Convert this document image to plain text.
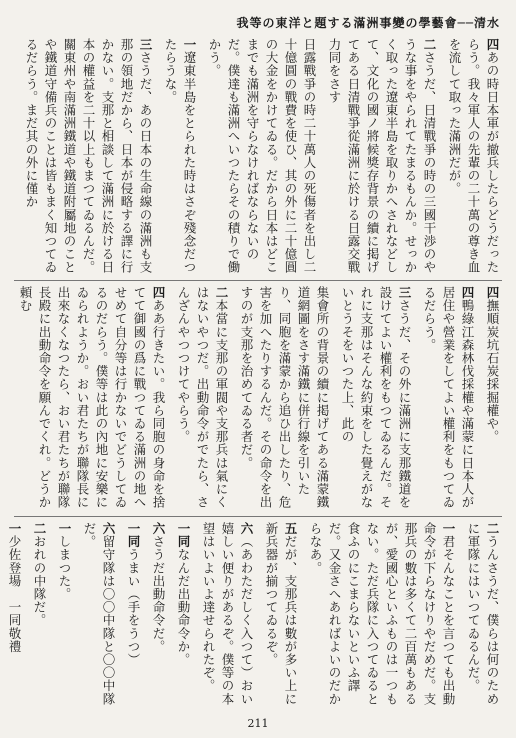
我等の東洋と題する滿洲事變の學藝會──清水
四あの時日本軍が撤兵したらどうだったらう。我々軍人の先輩の二十萬の尊き血を流して取った滿洲だが。
二さうだ、日清戰爭の時の三國干渉のやうな事をやられてたまるもんか。せっかく取った遼東半島を取りかへされなどして、文化の國ノ將候獎存背景の續に掲げてある日清戰爭從滿洲に於ける日露交戰力同をさす
日露戰爭の時二十萬人の死傷者を出し二十億圓の戰費を使ひ、其の外に二十億圓の大金をかけてゐる。だから日本はどこまでも滿洲を守らなければならないのだ。僕達も滿洲へいつたらその積りで働かう。
一遼東半島をとられた時はさぞ殘念だつたらうな。
三さうだ、あの日本の生命線の滿洲も支那の領地だから、日本が侵略する譯に行かない。支那と相談して滿洲に於ける日本の權益を二十以上もまつてゐるんだ。關東州や南滿洲鐵道や鐵道附屬地のことや鐵道守備兵のことは皆もまく知つてゐるだらう。まだ其の外に僅か
四撫順炭坑石炭採掘權や。
四鴨綠江森林伐採權や滿蒙に日本人が居住や營業をしてよい權利をもつてゐるだらう。
三さうだ、その外に滿洲に支那鐵道を設けてよい權利をもつてゐるんだ。それに支那はそんな約束をした覺えがないとうそをいつた上、此の
集會所の背景の續に掲げてある滿蒙鐵道網圖をさす滿鐵に併行線を引いたり、同胞を滿蒙から追ひ出したり、危害を加へたりするんだ。その命令を出すのが支那を治めてゐる者だ。
二本當に支那の軍閥や支那兵は氣にくはないやつだ。出動命令がでたら、さんざんやつつけてやらう。
四ああ行きたい。我ら同胞の身命を捨てて御國の爲に戰つてゐる滿洲の地へせめて自分等は行かないでどうしてゐるのだらう。僕等は此の內地に安樂にゐられようか。おい君たちが聯隊長に出來なくなつたら、おい君たちが聯隊長殿に出動命令を願んでくれ。どうか頼む
二うんさうだ、僕らは何のために軍隊にはいつてゐるんだ。
一君そんなことを言つても出動命令が下らなけりやだめだ。支那兵の數は多くて二百萬もあるが、愛國心といふものは一つもない。ただ兵隊に入つてゐると食ふのにこまらないといふ譯だ。又金さへあればよいのだからなあ。
五だが、支那兵は數が多い上に新兵器が揃つてゐるぞ。
六（あわただしく入つて）おい嬉しい便りがあるぞ。僕等の本望はいよいよ達せられたぞ。
一同なんだ出動命令か。
六さうだ出動命令だ。
一同うまい（手をうつ）
六留守隊は〇〇中隊と〇〇中隊だ。
一しまつた。
二おれの中隊だ。
一少佐登場　一同敬禮
211
